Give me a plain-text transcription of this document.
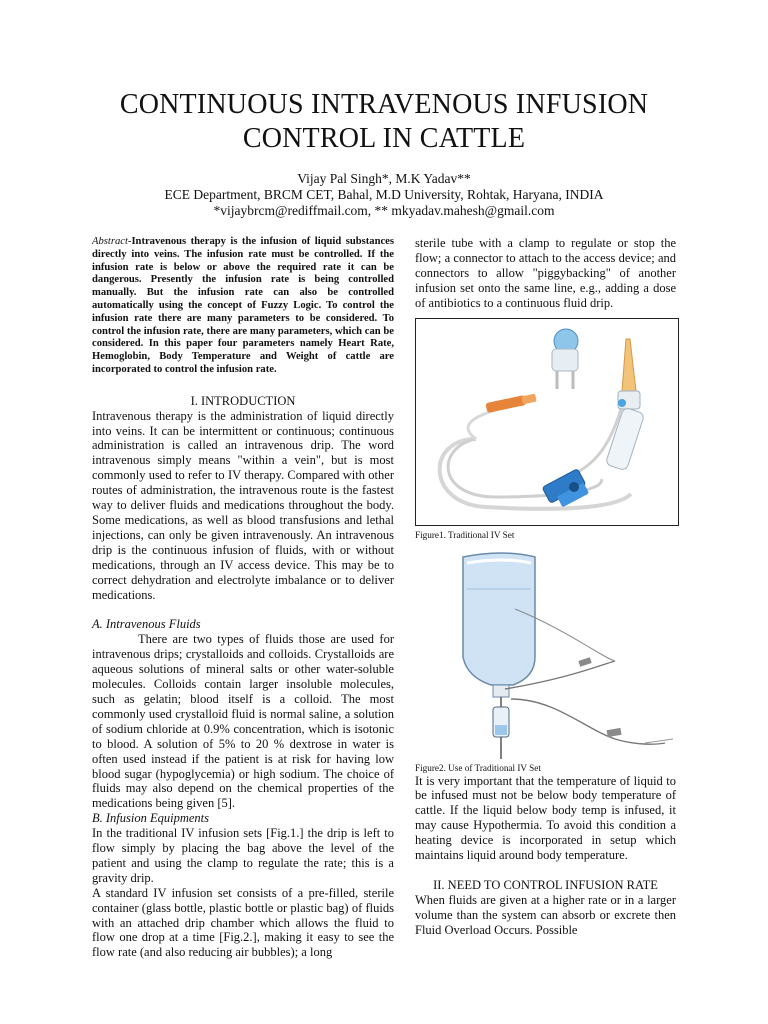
CONTINUOUS INTRAVENOUS INFUSION
CONTROL IN CATTLE
Vijay Pal Singh*, M.K Yadav**
ECE Department, BRCM CET, Bahal, M.D University, Rohtak, Haryana, INDIA
*vijaybrcm@rediffmail.com, ** mkyadav.mahesh@gmail.com

Abstract-Intravenous therapy is the infusion of liquid substances directly into veins. The infusion rate must be controlled. If the infusion rate is below or above the required rate it can be dangerous. Presently the infusion rate is being controlled manually. But the infusion rate can also be controlled automatically using the concept of Fuzzy Logic. To control the infusion rate there are many parameters to be considered. To control the infusion rate, there are many parameters, which can be considered. In this paper four parameters namely Heart Rate, Hemoglobin, Body Temperature and Weight of cattle are incorporated to control the infusion rate.

I. INTRODUCTION

Intravenous therapy is the administration of liquid directly into veins. It can be intermittent or continuous; continuous administration is called an intravenous drip. The word intravenous simply means "within a vein", but is most commonly used to refer to IV therapy. Compared with other routes of administration, the intravenous route is the fastest way to deliver fluids and medications throughout the body. Some medications, as well as blood transfusions and lethal injections, can only be given intravenously. An intravenous drip is the continuous infusion of fluids, with or without medications, through an IV access device. This may be to correct dehydration and electrolyte imbalance or to deliver medications.

A. Intravenous Fluids

There are two types of fluids those are used for intravenous drips; crystalloids and colloids. Crystalloids are aqueous solutions of mineral salts or other water-soluble molecules. Colloids contain larger insoluble molecules, such as gelatin; blood itself is a colloid. The most commonly used crystalloid fluid is normal saline, a solution of sodium chloride at 0.9% concentration, which is isotonic to blood. A solution of 5% to 20 % dextrose in water is often used instead if the patient is at risk for having low blood sugar (hypoglycemia) or high sodium. The choice of fluids may also depend on the chemical properties of the medications being given [5].

B. Infusion Equipments

In the traditional IV infusion sets [Fig.1.] the drip is left to flow simply by placing the bag above the level of the patient and using the clamp to regulate the rate; this is a gravity drip.

A standard IV infusion set consists of a pre-filled, sterile container (glass bottle, plastic bottle or plastic bag) of fluids with an attached drip chamber which allows the fluid to flow one drop at a time [Fig.2.], making it easy to see the flow rate (and also reducing air bubbles); a long

sterile tube with a clamp to regulate or stop the flow; a connector to attach to the access device; and connectors to allow "piggybacking" of another infusion set onto the same line, e.g., adding a dose of antibiotics to a continuous fluid drip.

Figure1. Traditional IV Set

Figure2. Use of Traditional IV Set

It is very important that the temperature of liquid to be infused must not be below body temperature of cattle. If the liquid below body temp is infused, it may cause Hypothermia. To avoid this condition a heating device is incorporated in setup which maintains liquid around body temperature.

II. NEED TO CONTROL INFUSION RATE

When fluids are given at a higher rate or in a larger volume than the system can absorb or excrete then Fluid Overload Occurs. Possible
